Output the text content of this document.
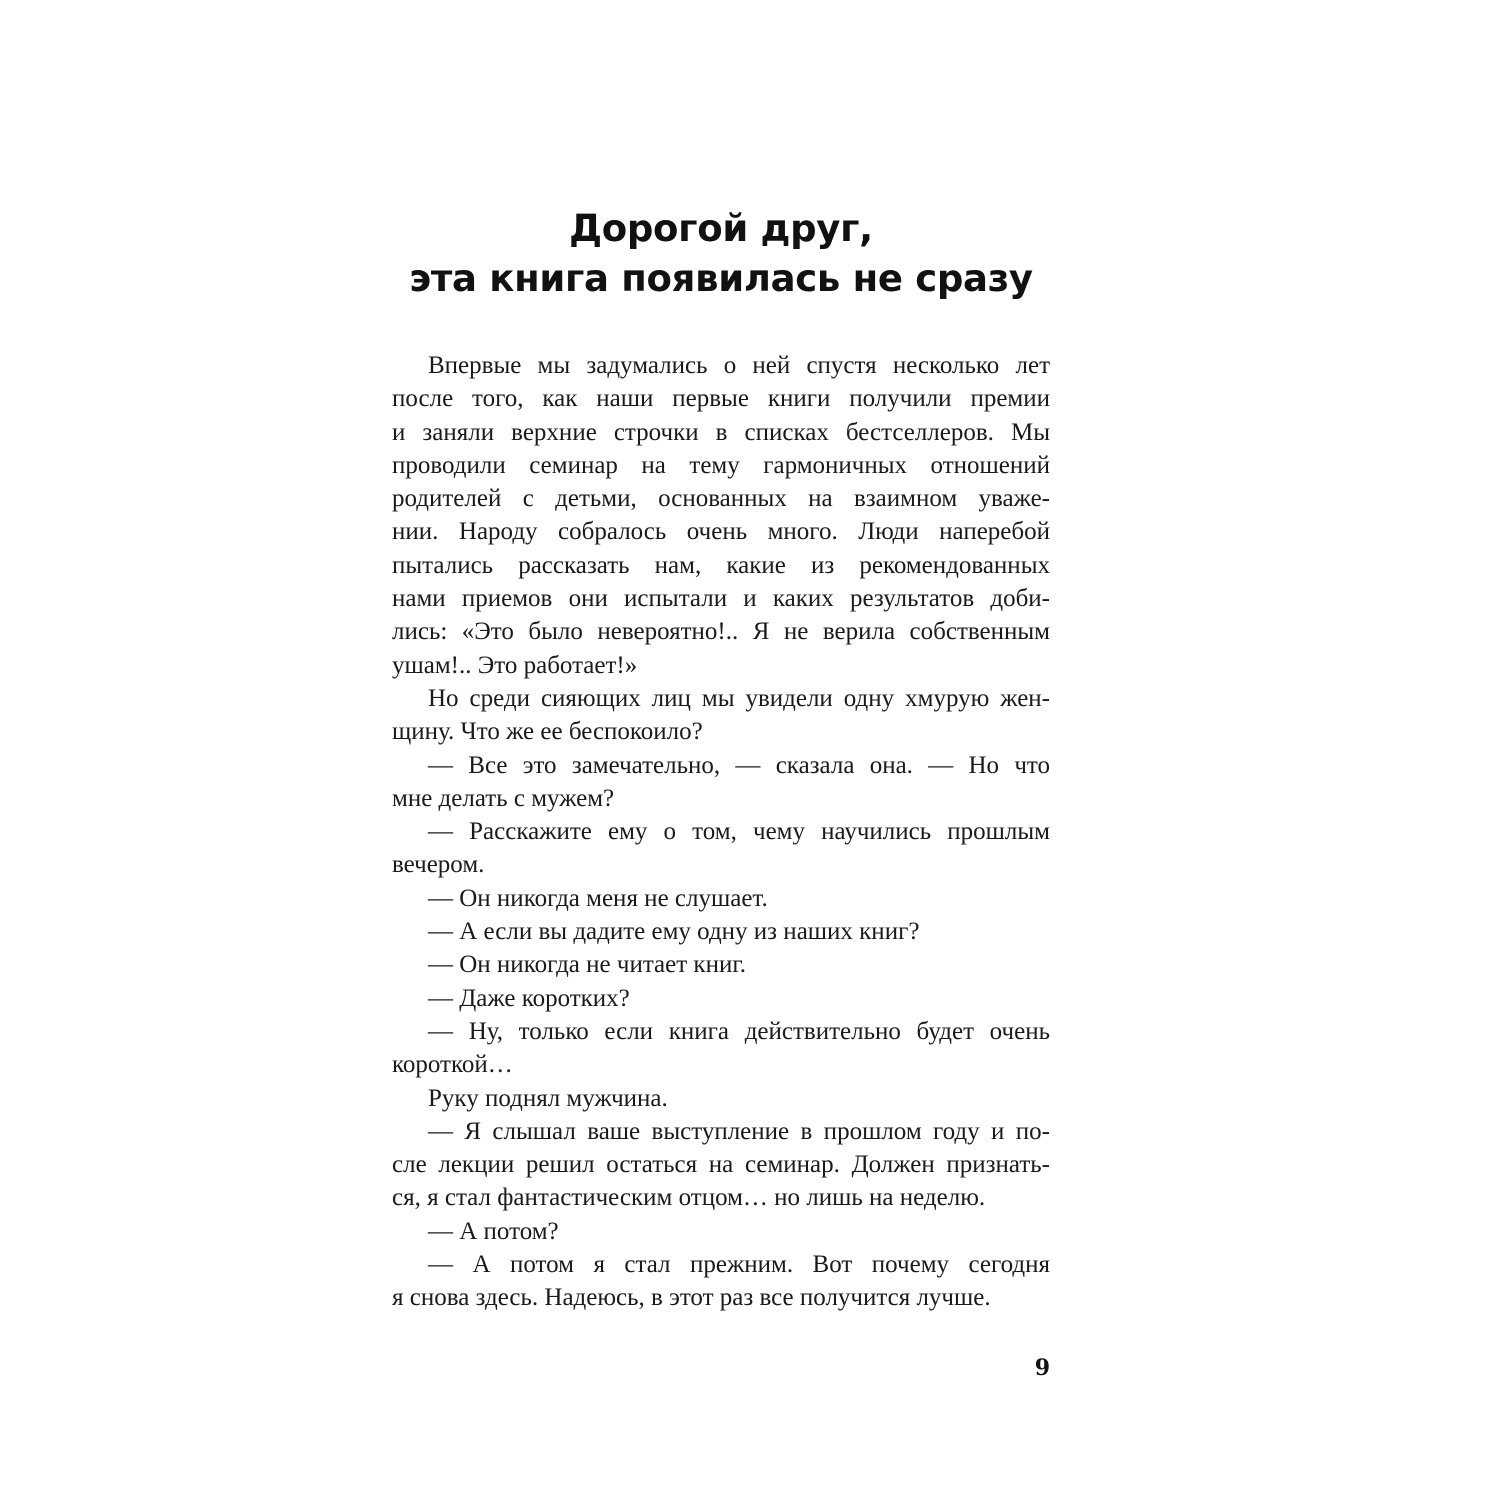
Дорогой друг,
эта книга появилась не сразу
Впервые мы задумались о ней спустя несколько лет
после того, как наши первые книги получили премии
и заняли верхние строчки в списках бестселлеров. Мы
проводили семинар на тему гармоничных отношений
родителей с детьми, основанных на взаимном уваже-
нии. Народу собралось очень много. Люди наперебой
пытались рассказать нам, какие из рекомендованных
нами приемов они испытали и каких результатов доби-
лись: «Это было невероятно!.. Я не верила собственным
ушам!.. Это работает!»
Но среди сияющих лиц мы увидели одну хмурую жен-
щину. Что же ее беспокоило?
— Все это замечательно, — сказала она. — Но что
мне делать с мужем?
— Расскажите ему о том, чему научились прошлым
вечером.
— Он никогда меня не слушает.
— А если вы дадите ему одну из наших книг?
— Он никогда не читает книг.
— Даже коротких?
— Ну, только если книга действительно будет очень
короткой…
Руку поднял мужчина.
— Я слышал ваше выступление в прошлом году и по-
сле лекции решил остаться на семинар. Должен признать-
ся, я стал фантастическим отцом… но лишь на неделю.
— А потом?
— А потом я стал прежним. Вот почему сегодня
я снова здесь. Надеюсь, в этот раз все получится лучше.
9
